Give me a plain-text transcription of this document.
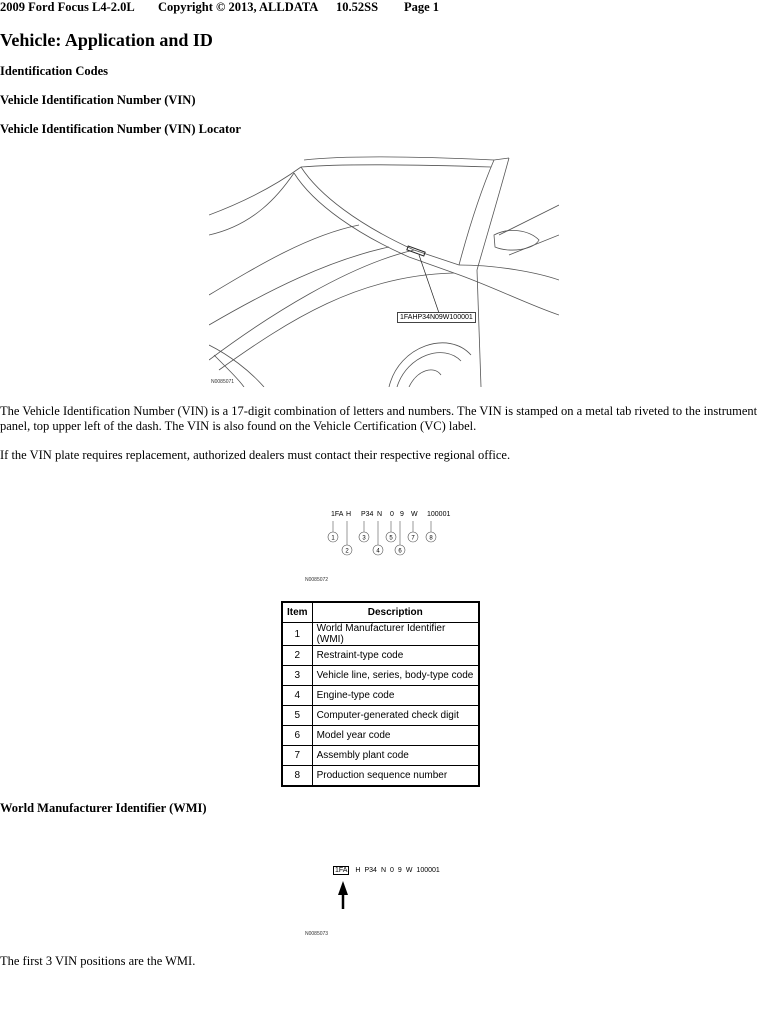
2009 Ford Focus L4-2.0L

Copyright © 2013, ALLDATA

10.52SS

Page 1

Vehicle: Application and ID
Identification Codes
Vehicle Identification Number (VIN)
Vehicle Identification Number (VIN) Locator
1FAHP34N09W100001
N0085071

The Vehicle Identification Number (VIN) is a 17-digit combination of letters and numbers. The VIN is stamped on a metal tab riveted to the instrument panel, top upper left of the dash. The VIN is also found on the Vehicle Certification (VC) label.

If the VIN plate requires replacement, authorized dealers must contact their respective regional office.

1FA H P34 N 0 9 W 100001
1
2
3
4
5
6
7 8
N0085072
Item	Description
1	World Manufacturer Identifier (WMI)
2	Restraint-type code
3	Vehicle line, series, body-type code
4	Engine-type code
5	Computer-generated check digit
6	Model year code
7	Assembly plant code
8	Production sequence number
World Manufacturer Identifier (WMI)
1FA H P34 N 0 9 W 100001
N0085073

The first 3 VIN positions are the WMI.
